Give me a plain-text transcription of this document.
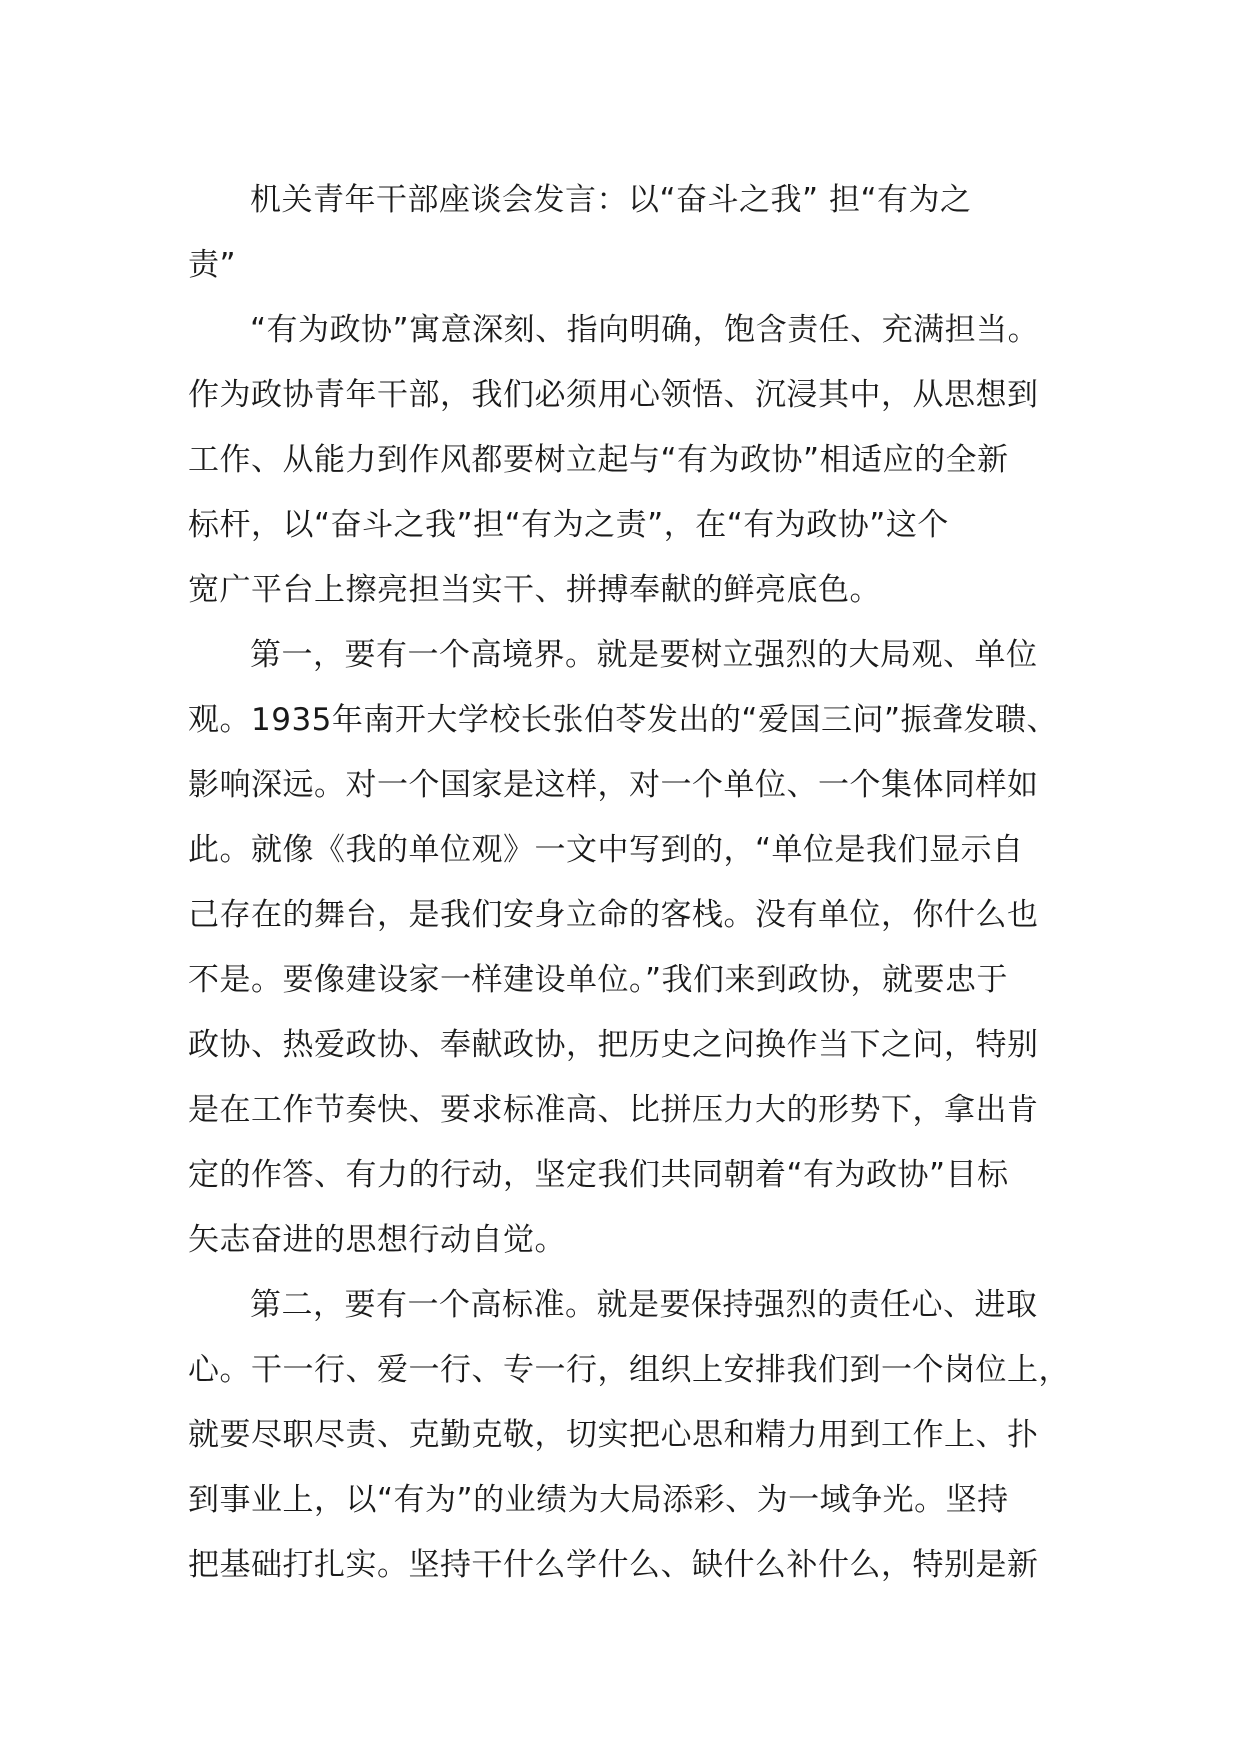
机关青年干部座谈会发言：以“奋斗之我” 担“有为之
责”
“有为政协”寓意深刻、指向明确，饱含责任、充满担当。
作为政协青年干部，我们必须用心领悟、沉浸其中，从思想到
工作、从能力到作风都要树立起与“有为政协”相适应的全新
标杆，以“奋斗之我”担“有为之责”，在“有为政协”这个
宽广平台上擦亮担当实干、拼搏奉献的鲜亮底色。
第一，要有一个高境界。就是要树立强烈的大局观、单位
观。1935年南开大学校长张伯苓发出的“爱国三问”振聋发聩、
影响深远。对一个国家是这样，对一个单位、一个集体同样如
此。就像《我的单位观》一文中写到的，“单位是我们显示自
己存在的舞台，是我们安身立命的客栈。没有单位，你什么也
不是。要像建设家一样建设单位。”我们来到政协，就要忠于
政协、热爱政协、奉献政协，把历史之问换作当下之问，特别
是在工作节奏快、要求标准高、比拼压力大的形势下，拿出肯
定的作答、有力的行动，坚定我们共同朝着“有为政协”目标
矢志奋进的思想行动自觉。
第二，要有一个高标准。就是要保持强烈的责任心、进取
心。干一行、爱一行、专一行，组织上安排我们到一个岗位上，
就要尽职尽责、克勤克敬，切实把心思和精力用到工作上、扑
到事业上，以“有为”的业绩为大局添彩、为一域争光。坚持
把基础打扎实。坚持干什么学什么、缺什么补什么，特别是新
